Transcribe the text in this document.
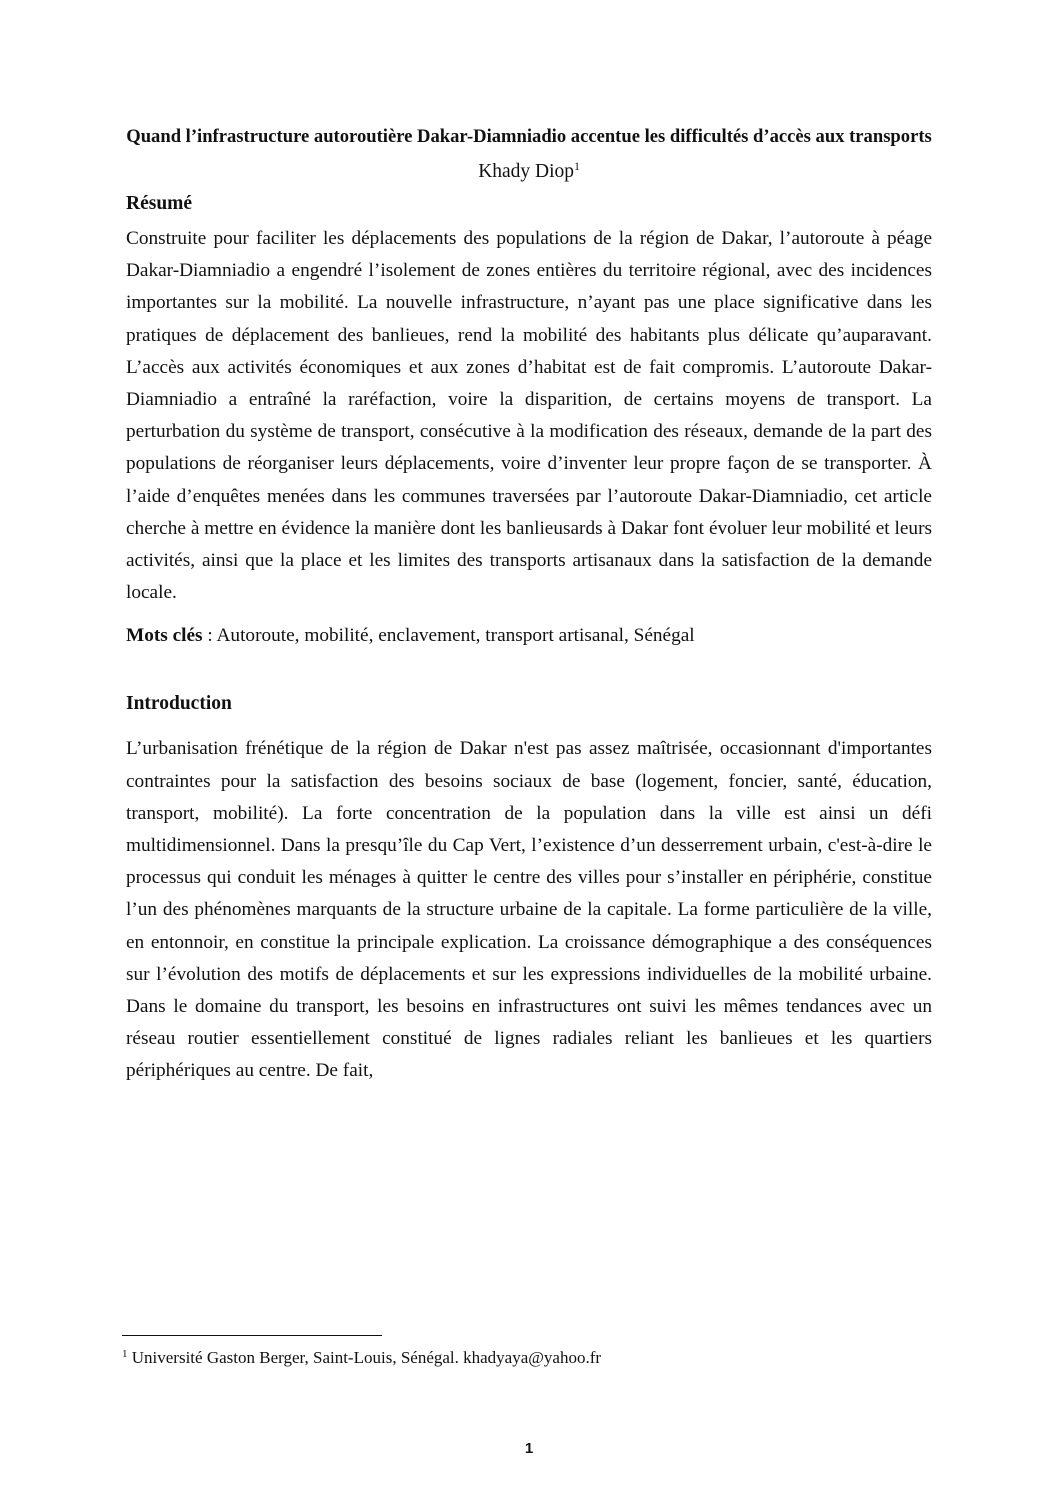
Quand l’infrastructure autoroutière Dakar-Diamniadio accentue les difficultés d’accès aux transports
Khady Diop$^1$
Résumé

Construite pour faciliter les déplacements des populations de la région de Dakar, l’autoroute à péage Dakar-Diamniadio a engendré l’isolement de zones entières du territoire régional, avec des incidences importantes sur la mobilité. La nouvelle infrastructure, n’ayant pas une place significative dans les pratiques de déplacement des banlieues, rend la mobilité des habitants plus délicate qu’auparavant. L’accès aux activités économiques et aux zones d’habitat est de fait compromis. L’autoroute Dakar-Diamniadio a entraîné la raréfaction, voire la disparition, de certains moyens de transport. La perturbation du système de transport, consécutive à la modification des réseaux, demande de la part des populations de réorganiser leurs déplacements, voire d’inventer leur propre façon de se transporter. À l’aide d’enquêtes menées dans les communes traversées par l’autoroute Dakar-Diamniadio, cet article cherche à mettre en évidence la manière dont les banlieusards à Dakar font évoluer leur mobilité et leurs activités, ainsi que la place et les limites des transports artisanaux dans la satisfaction de la demande locale.

Mots clés : Autoroute, mobilité, enclavement, transport artisanal, Sénégal
Introduction

L’urbanisation frénétique de la région de Dakar n'est pas assez maîtrisée, occasionnant d'importantes contraintes pour la satisfaction des besoins sociaux de base (logement, foncier, santé, éducation, transport, mobilité). La forte concentration de la population dans la ville est ainsi un défi multidimensionnel. Dans la presqu’île du Cap Vert, l’existence d’un desserrement urbain, c'est-à-dire le processus qui conduit les ménages à quitter le centre des villes pour s’installer en périphérie, constitue l’un des phénomènes marquants de la structure urbaine de la capitale. La forme particulière de la ville, en entonnoir, en constitue la principale explication. La croissance démographique a des conséquences sur l’évolution des motifs de déplacements et sur les expressions individuelles de la mobilité urbaine. Dans le domaine du transport, les besoins en infrastructures ont suivi les mêmes tendances avec un réseau routier essentiellement constitué de lignes radiales reliant les banlieues et les quartiers périphériques au centre. De fait,

$^1$ Université Gaston Berger, Saint-Louis, Sénégal. khadyaya@yahoo.fr
1
